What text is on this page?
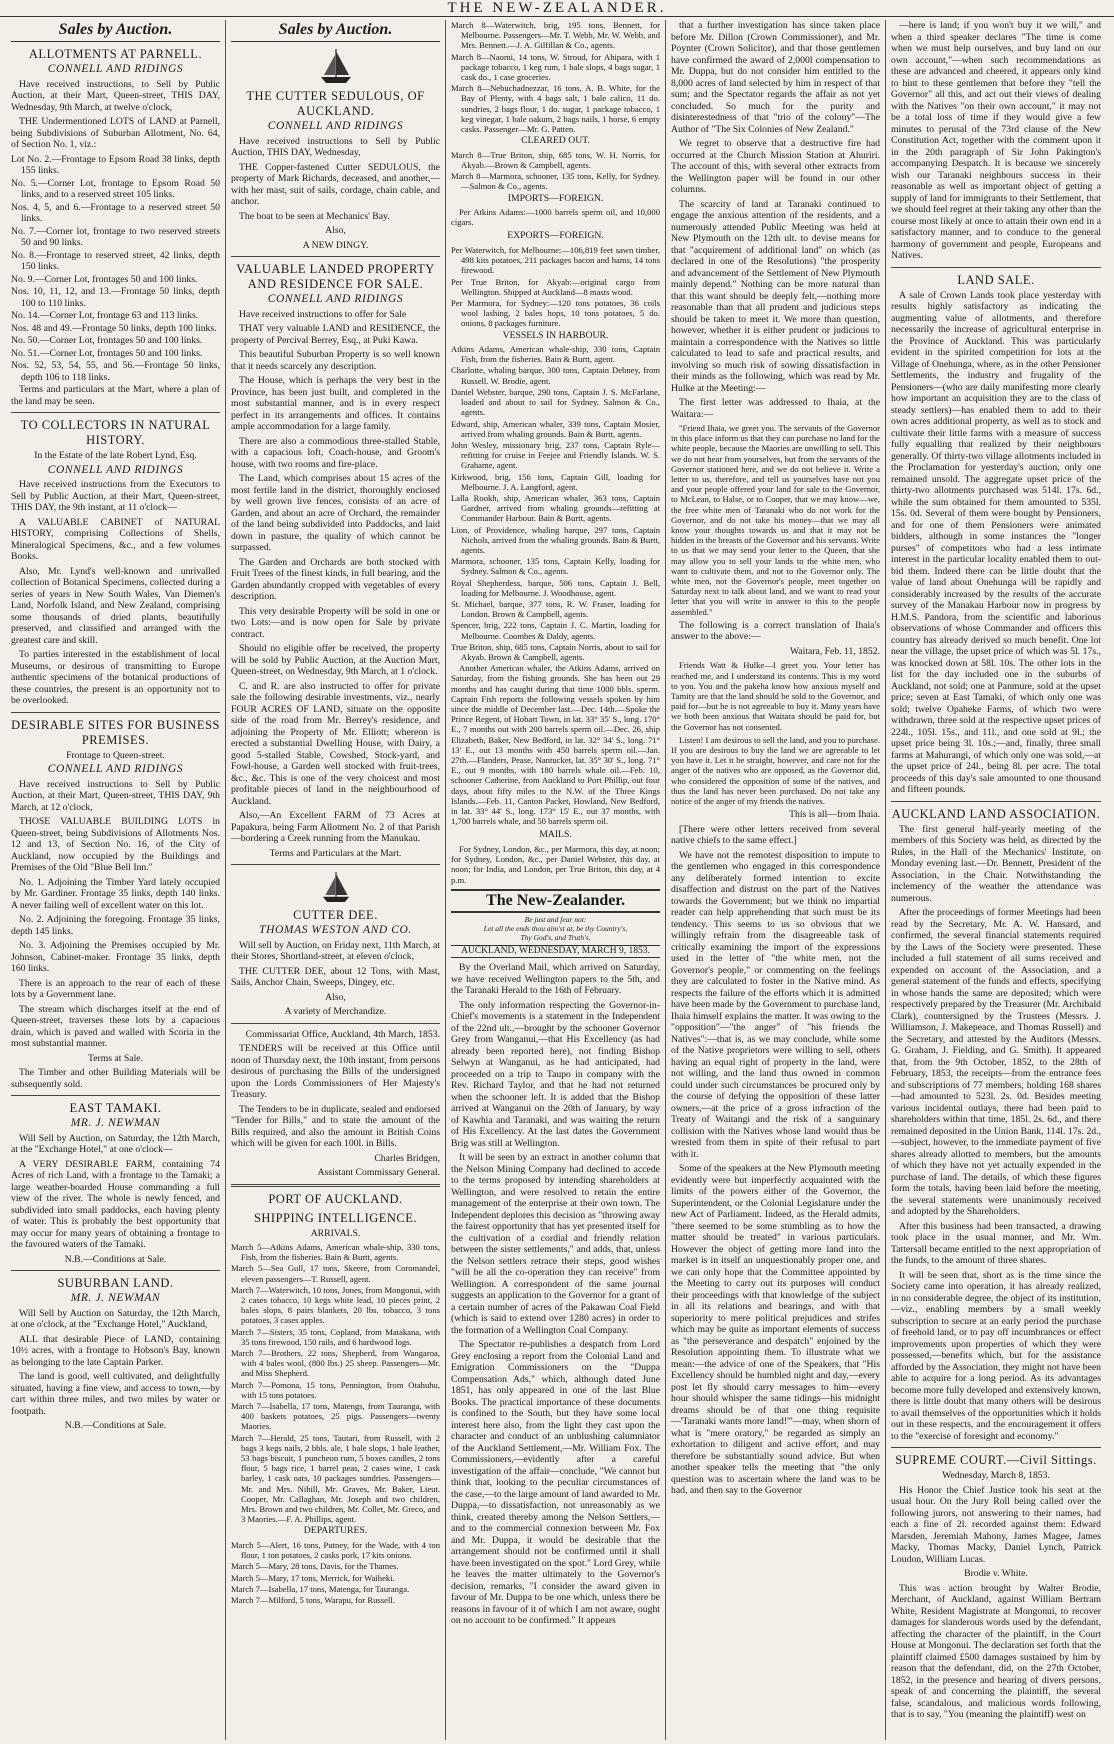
THE NEW-ZEALANDER.
Sales by Auction.
ALLOTMENTS AT PARNELL.
CONNELL AND RIDINGS

Have received instructions, to Sell by Public Auction, at their Mart, Queen-street, THIS DAY, Wednesday, 9th March, at twelve o'clock,

THE Undermentioned LOTS of LAND at Parnell, being Subdivisions of Suburban Allotment, No. 64, of Section No. 1, viz.:

Lot No. 2.—Frontage to Epsom Road 38 links, depth 155 links.

No. 5.—Corner Lot, frontage to Epsom Road 50 links, and to a reserved street 105 links.

Nos. 4, 5, and 6.—Frontage to a reserved street 50 links.

No. 7.—Corner lot, frontage to two reserved streets 50 and 90 links.

No. 8.—Frontage to reserved street, 42 links, depth 150 links.

No. 9.—Corner Lot, frontages 50 and 100 links.

Nos. 10, 11, 12, and 13.—Frontage 50 links, depth 100 to 110 links.

No. 14.—Corner Lot, frontage 63 and 113 links.

Nos. 48 and 49.—Frontage 50 links, depth 100 links.

No. 50.—Corner Lot, frontages 50 and 100 links.

No. 51.—Corner Lot, frontages 50 and 100 links.

Nos. 52, 53, 54, 55, and 56.—Frontage 50 links, depth 106 to 118 links.

Terms and particulars at the Mart, where a plan of the land may be seen.

TO COLLECTORS IN NATURAL HISTORY.

In the Estate of the late Robert Lynd, Esq.

CONNELL AND RIDINGS

Have received instructions from the Executors to Sell by Public Auction, at their Mart, Queen-street, THIS DAY, the 9th instant, at 11 o'clock—

A VALUABLE CABINET of NATURAL HISTORY, comprising Collections of Shells, Mineralogical Specimens, &c., and a few volumes Books.

Also, Mr. Lynd's well-known and unrivalled collection of Botanical Specimens, collected during a series of years in New South Wales, Van Diemen's Land, Norfolk Island, and New Zealand, comprising some thousands of dried plants, beautifully preserved, and classified and arranged with the greatest care and skill.

To parties interested in the establishment of local Museums, or desirous of transmitting to Europe authentic specimens of the botanical productions of these countries, the present is an opportunity not to be overlooked.

DESIRABLE SITES FOR BUSINESS PREMISES.

Frontage to Queen-street.

CONNELL AND RIDINGS

Have received instructions to Sell by Public Auction, at their Mart, Queen-street, THIS DAY, 9th March, at 12 o'clock,

THOSE VALUABLE BUILDING LOTS in Queen-street, being Subdivisions of Allotments Nos. 12 and 13, of Section No. 16, of the City of Auckland, now occupied by the Buildings and Premises of the Old "Blue Bell Inn."

No. 1. Adjoining the Timber Yard lately occupied by Mr. Gardiner. Frontage 35 links, depth 140 links. A never failing well of excellent water on this lot.

No. 2. Adjoining the foregoing. Frontage 35 links, depth 145 links.

No. 3. Adjoining the Premises occupied by Mr. Johnson, Cabinet-maker. Frontage 35 links, depth 160 links.

There is an approach to the rear of each of these lots by a Government lane.

The stream which discharges itself at the end of Queen-street, traverses these lots by a capacious drain, which is paved and walled with Scoria in the most substantial manner.

Terms at Sale.

The Timber and other Building Materials will be subsequently sold.

EAST TAMAKI.
MR. J. NEWMAN

Will Sell by Auction, on Saturday, the 12th March, at the "Exchange Hotel," at one o'clock—

A VERY DESIRABLE FARM, containing 74 Acres of rich Land, with a frontage to the Tamaki; a large weather-boarded House commanding a full view of the river. The whole is newly fenced, and subdivided into small paddocks, each having plenty of water. This is probably the best opportunity that may occur for many years of obtaining a frontage to the favoured waters of the Tamaki.

N.B.—Conditions at Sale.

SUBURBAN LAND.
MR. J. NEWMAN

Will Sell by Auction on Saturday, the 12th March, at one o'clock, at the "Exchange Hotel," Auckland,

ALL that desirable Piece of LAND, containing 10½ acres, with a frontage to Hobson's Bay, known as belonging to the late Captain Parker.

The land is good, well cultivated, and delightfully situated, having a fine view, and access to town,—by cart within three miles, and two miles by water or footpath.

N.B.—Conditions at Sale.

Sales by Auction.
THE CUTTER SEDULOUS, OF AUCKLAND.
CONNELL AND RIDINGS

Have received instructions to Sell by Public Auction, THIS DAY, Wednesday,

THE Copper-fastened Cutter SEDULOUS, the property of Mark Richards, deceased, and another,—with her mast, suit of sails, cordage, chain cable, and anchor.

The boat to be seen at Mechanics' Bay.

Also,

A NEW DINGY.

VALUABLE LANDED PROPERTY AND RESIDENCE FOR SALE.
CONNELL AND RIDINGS

Have received instructions to offer for Sale

THAT very valuable LAND and RESIDENCE, the property of Percival Berrey, Esq., at Puki Kawa.

This beautiful Suburban Property is so well known that it needs scarcely any description.

The House, which is perhaps the very best in the Province, has been just built, and completed in the most substantial manner, and is in every respect perfect in its arrangements and offices. It contains ample accommodation for a large family.

There are also a commodious three-stalled Stable, with a capacious loft, Coach-house, and Groom's house, with two rooms and fire-place.

The Land, which comprises about 15 acres of the most fertile land in the district, thoroughly enclosed by well grown live fences, consists of an acre of Garden, and about an acre of Orchard, the remainder of the land being subdivided into Paddocks, and laid down in pasture, the quality of which cannot be surpassed.

The Garden and Orchards are both stocked with Fruit Trees of the finest kinds, in full bearing, and the Garden abundantly cropped with vegetables of every description.

This very desirable Property will be sold in one or two Lots:—and is now open for Sale by private contract.

Should no eligible offer be received, the property will be sold by Public Auction, at the Auction Mart, Queen-street, on Wednesday, 9th March, at 1 o'clock.

C. and R. are also instructed to offer for private sale the following desirable investments, viz., nearly FOUR ACRES OF LAND, situate on the opposite side of the road from Mr. Berrey's residence, and adjoining the Property of Mr. Elliott; whereon is erected a substantial Dwelling House, with Dairy, a good 5-stalled Stable, Cowshed, Stock-yard, and Fowl-house, a Garden well stocked with fruit-trees, &c., &c. This is one of the very choicest and most profitable pieces of land in the neighbourhood of Auckland.

Also,—An Excellent FARM of 73 Acres at Papakura, being Farm Allotment No. 2 of that Parish—bordering a Creek running from the Manukau.

Terms and Particulars at the Mart.

CUTTER DEE.
THOMAS WESTON AND CO.

Will sell by Auction, on Friday next, 11th March, at their Stores, Shortland-street, at eleven o'clock,

THE CUTTER DEE, about 12 Tons, with Mast, Sails, Anchor Chain, Sweeps, Dingey, etc.

Also,

A variety of Merchandize.

Commissariat Office, Auckland, 4th March, 1853.

TENDERS will be received at this Office until noon of Thursday next, the 10th instant, from persons desirous of purchasing the Bills of the undersigned upon the Lords Commissioners of Her Majesty's Treasury.

The Tenders to be in duplicate, sealed and endorsed "Tender for Bills," and to state the amount of the Bills required, and also the amount in British Coins which will be given for each 100l. in Bills.

Charles Bridgen,

Assistant Commissary General.

PORT OF AUCKLAND.
SHIPPING INTELLIGENCE.

ARRIVALS.

March 5—Atkins Adams, American whale-ship, 330 tons, Fish, from the fisheries. Bain & Burtt, agents.

March 5—Sea Gull, 17 tons, Skeere, from Coromandel, eleven passengers—T. Russell, agent.

March 7—Waterwitch, 10 tons, Jones, from Mongonui, with 2 cases tobacco, 10 kegs white lead, 10 pieces print, 2 bales slops, 8 pairs blankets, 20 lbs. tobacco, 3 tons potatoes, 3 cases apples.

March 7—Sisters, 35 tons, Copland, from Matakana, with 35 tons firewood, 150 rails, and 6 hardwood logs.

March 7—Brothers, 22 tons, Shepherd, from Wangaroa, with 4 bales wool, (800 lbs.) 25 sheep. Passengers—Mr. and Miss Shepherd.

March 7—Pomona, 15 tons, Pennington, from Otahuhu, with 15 tons potatoes.

March 7—Isabella, 17 tons, Matengs, from Tauranga, with 400 baskets potatoes, 25 pigs. Passengers—twenty Maories.

March 7—Herald, 25 tons, Tautari, from Russell, with 2 bags 3 kegs nails, 2 bbls. ale, 1 bale slops, 1 bale leather, 53 bags biscuit, 1 puncheon rum, 5 boxes candles, 2 tons flour, 5 bags rice, 1 barrel peas, 2 cases wine, 1 cask barley, 1 cask oats, 10 packages sundries. Passengers—Mr. and Mrs. Nihill, Mr. Graves, Mr. Baker, Lieut. Cooper, Mr. Callaghan, Mr. Joseph and two children, Mrs. Brown and two children, Mr. Collet, Mr. Greco, and 3 Maories.—F. A. Phillips, agent.

DEPARTURES.

March 5—Alert, 16 tons, Putney, for the Wade, with 4 ton flour, 1 ton potatoes, 2 casks pork, 17 kits onions.

March 5—Mary, 28 tons, Davis, for the Thames.

March 5—Mary, 17 tons, Merrick, for Waiheki.

March 7—Isabella, 17 tons, Matenga, for Tauranga.

March 7—Milford, 5 tons, Warapu, for Russell.

March 8—Waterwitch, brig, 195 tons, Bennett, for Melbourne. Passengers—Mr. T. Webb, Mr. W. Webb, and Mrs. Bennett.—J. A. Gilfillan & Co., agents.

March 8—Naomi, 14 tons, W. Stroud, for Ahipara, with 1 package tobacco, 1 keg rum, 1 bale slops, 4 bags sugar, 1 cask do., 1 case groceries.

March 8—Nebuchadnezzar, 16 tons, A. B. White, for the Bay of Plenty, with 4 bags salt, 1 bale calico, 11 do. sundries, 2 bags flour, 1 do. sugar, 1 package tobacco, 1 keg vinegar, 1 bale oakum, 2 bags nails, 1 horse, 6 empty casks. Passenger—Mr. G. Patten.

CLEARED OUT.

March 8—True Briton, ship, 685 tons, W. H. Norris, for Akyab.—Brown & Campbell, agents.

March 8—Marmora, schooner, 135 tons, Kelly, for Sydney.—Salmon & Co., agents.

IMPORTS—FOREIGN.

Per Atkins Adams:—1000 barrels sperm oil, and 10,000 cigars.

EXPORTS—FOREIGN.

Per Waterwitch, for Melbourne:—106,819 feet sawn timber, 498 kits potatoes, 211 packages bacon and hams, 14 tons firewood.

Per True Briton, for Akyab:—original cargo from Wellington. Shipped at Auckland—8 masts wood.

Per Marmora, for Sydney:—120 tons potatoes, 36 coils wool lashing, 2 bales hops, 10 tons potatoes, 5 do. onions, 8 packages furniture.

VESSELS IN HARBOUR.

Atkins Adams, American whale-ship, 330 tons, Captain Fish, from the fisheries. Bain & Burtt, agent.

Charlotte, whaling barque, 300 tons, Captain Debney, from Russell. W. Brodie, agent.

Daniel Webster, barque, 290 tons, Captain J. S. McFarlane, loaded and about to sail for Sydney. Salmon & Co., agents.

Edward, ship, American whaler, 339 tons, Captain Mosier, arrived from whaling grounds. Bain & Burtt, agents.

John Wesley, missionary brig, 237 tons, Captain Ryle—refitting for cruise in Feejee and Friendly Islands. W. S. Grahame, agent.

Kirkwood, brig, 156 tons, Captain Gill, loading for Melbourne. J. A. Langford, agent.

Lalla Rookh, ship, American whaler, 363 tons, Captain Gardner, arrived from whaling grounds—refitting at Commander Harbour. Bain & Burtt, agents.

Lion, of Providence, whaling barque, 297 tons, Captain Nichols, arrived from the whaling grounds. Bain & Burtt, agents.

Marmora, schooner, 135 tons, Captain Kelly, loading for Sydney. Salmon & Co., agents.

Royal Shepherdess, barque, 506 tons, Captain J. Bell, loading for Melbourne. J. Woodhouse, agent.

St. Michael, barque, 377 tons, R. W. Fraser, loading for London. Brown & Campbell, agents.

Spencer, brig, 222 tons, Captain J. C. Martin, loading for Melbourne. Coombes & Daldy, agents.

True Briton, ship, 685 tons, Captain Norris, about to sail for Akyab. Brown & Campbell, agents.

Another American whaler, the Atkins Adams, arrived on Saturday, from the fishing grounds. She has been out 29 months and has caught during that time 1000 bbls. sperm. Captain Fish reports the following vessels spoken by him since the middle of December last.—Dec. 14th.—Spoke the Prince Regent, of Hobart Town, in lat. 33° 35' S., long. 170° E., 7 months out with 200 barrels sperm oil.—Dec. 26, ship Elizabeth, Baker, New Bedford, in lat. 32° 34' S., long. 71° 13' E., out 13 months with 450 barrels sperm oil.—Jan. 27th.—Flanders, Pease, Nantucket, lat. 35° 30' S., long. 71° E., out 9 months, with 180 barrels whale oil.—Feb. 10, schooner Catherine, from Auckland to Port Phillip, out four days, about fifty miles to the N.W. of the Three Kings Islands.—Feb. 11, Canton Packet, Howland, New Bedford, in lat. 33° 44' S., long. 173° 15' E., out 37 months, with 1,700 barrels whale, and 50 barrels sperm oil.

MAILS.

For Sydney, London, &c., per Marmora, this day, at noon; for Sydney, London, &c., per Daniel Webster, this day, at noon; for India, and London, per True Briton, this day, at 4 p.m.

The New-Zealander.
Be just and fear not:
Let all the ends thou aim'st at, be thy Country's,
Thy God's, and Truth's.
AUCKLAND, WEDNESDAY, MARCH 9, 1853.

By the Overland Mail, which arrived on Saturday, we have received Wellington papers to the 5th, and the Taranaki Herald to the 16th of February.

The only information respecting the Governor-in-Chief's movements is a statement in the Independent of the 22nd ult.,—brought by the schooner Governor Grey from Wanganui,—that His Excellency (as had already been reported here), not finding Bishop Selwyn at Wanganui, as he had anticipated, had proceeded on a trip to Taupo in company with the Rev. Richard Taylor, and that he had not returned when the schooner left. It is added that the Bishop arrived at Wanganui on the 20th of January, by way of Kawhia and Taranaki, and was waiting the return of His Excellency. At the last dates the Government Brig was still at Wellington.

It will be seen by an extract in another column that the Nelson Mining Company had declined to accede to the terms proposed by intending shareholders at Wellington, and were resolved to retain the entire management of the enterprise at their own town. The Independent deplores this decision as "throwing away the fairest opportunity that has yet presented itself for the cultivation of a cordial and friendly relation between the sister settlements," and adds, that, unless the Nelson settlers retrace their steps, good wishes "will be all the co-operation they can receive" from Wellington. A correspondent of the same journal suggests an application to the Governor for a grant of a certain number of acres of the Pakawau Coal Field (which is said to extend over 1280 acres) in order to the formation of a Wellington Coal Company.

The Spectator re-publishes a despatch from Lord Grey enclosing a report from the Colonial Land and Emigration Commissioners on the "Duppa Compensation Ads," which, although dated June 1851, has only appeared in one of the last Blue Books. The practical importance of these documents is confined to the South, but they have some local interest here also, from the light they cast upon the character and conduct of an unblushing calumniator of the Auckland Settlement,—Mr. William Fox. The Commissioners,—evidently after a careful investigation of the affair—conclude, "We cannot but think that, looking to the peculiar circumstances of the case,—to the large amount of land awarded to Mr. Duppa,—to dissatisfaction, not unreasonably as we think, created thereby among the Nelson Settlers,—and to the commercial connexion between Mr. Fox and Mr. Duppa, it would be desirable that the arrangement should not be confirmed until it shall have been investigated on the spot." Lord Grey, while he leaves the matter ultimately to the Governor's decision, remarks, "I consider the award given in favour of Mr. Duppa to be one which, unless there be reasons in favour of it of which I am not aware, ought on no account to be confirmed." It appears

that a further investigation has since taken place before Mr. Dillon (Crown Commissioner), and Mr. Poynter (Crown Solicitor), and that those gentlemen have confirmed the award of 2,000l compensation to Mr. Duppa, but do not consider him entitled to the 8,000 acres of land selected by him in respect of that sum; and the Spectator regards the affair as not yet concluded. So much for the purity and disinterestedness of that "trio of the colony"—The Author of "The Six Colonies of New Zealand."

We regret to observe that a destructive fire had occurred at the Church Mission Station at Ahuriri. The account of this, with several other extracts from the Wellington paper will be found in our other columns.

The scarcity of land at Taranaki continued to engage the anxious attention of the residents, and a numerously attended Public Meeting was held at New Plymouth on the 12th ult. to devise means for that "acquirement of additional land" on which (as declared in one of the Resolutions) "the prosperity and advancement of the Settlement of New Plymouth mainly depend." Nothing can be more natural than that this want should be deeply felt,—nothing more reasonable than that all prudent and judicious steps should be taken to meet it. We more than question, however, whether it is either prudent or judicious to maintain a correspondence with the Natives so little calculated to lead to safe and practical results, and involving so much risk of sowing dissatisfaction in their minds as the following, which was read by Mr. Hulke at the Meeting:—

The first letter was addressed to Ihaia, at the Waitara:—

"Friend Ihaia, we greet you. The servants of the Governor in this place inform us that they can purchase no land for the white people, because the Maories are unwilling to sell. This we do not hear from yourselves, but from the servants of the Governor stationed here, and we do not believe it. Write a letter to us, therefore, and tell us yourselves have not you and your people offered your land for sale to the Governor, to McLean, to Halse, or to Cooper, that we may know—we, the free white men of Taranaki who do not work for the Governor, and do not take his money—that we may all know your thoughts towards us and that it may not be hidden in the breasts of the Governor and his servants. Write to us that we may send your letter to the Queen, that she may allow you to sell your lands to the white men, who want to cultivate them, and not to the Governor only. The white men, not the Governor's people, meet together on Saturday next to talk about land, and we want to read your letter that you will write in answer to this to the people assembled."

The following is a correct translation of Ihaia's answer to the above:—

Waitara, Feb. 11, 1852.

Friends Watt & Hulke—I greet you. Your letter has reached me, and I understand its contents. This is my word to you. You and the pakeha know how anxious myself and Tamity are that the land should be sold to the Governor, and paid for—but he is not agreeable to buy it. Many years have we both been anxious that Waitara should be paid for, but the Governor has not consented.

Listen! I am desirous to sell the land, and you to purchase. If you are desirous to buy the land we are agreeable to let you have it. Let it be straight, however, and care not for the anger of the natives who are opposed, as the Governor did, who considered the opposition of some of the natives, and thus the land has never been purchased. Do not take any notice of the anger of my friends the natives.

This is all—from Ihaia.

[There were other letters received from several native chiefs to the same effect.]

We have not the remotest disposition to impute to the gentlemen who engaged in this correspondence any deliberately formed intention to excite disaffection and distrust on the part of the Natives towards the Government; but we think no impartial reader can help apprehending that such must be its tendency. This seems to us so obvious that we willingly refrain from the disagreeable task of critically examining the import of the expressions used in the letter of "the white men, not the Governor's people," or commenting on the feelings they are calculated to foster in the Native mind. As respects the failure of the efforts which it is admitted have been made by the Government to purchase land, Ihaia himself explains the matter. It was owing to the "opposition"—"the anger" of "his friends the Natives":—that is, as we may conclude, while some of the Native proprietors were willing to sell, others having an equal right of property in the land, were not willing, and the land thus owned in common could under such circumstances be procured only by the course of defying the opposition of these latter owners,—at the price of a gross infraction of the Treaty of Waitangi and the risk of a sanguinary collision with the Natives whose land would thus be wrested from them in spite of their refusal to part with it.

Some of the speakers at the New Plymouth meeting evidently were but imperfectly acquainted with the limits of the powers either of the Governor, the Superintendent, or the Colonial Legislature under the new Act of Parliament. Indeed, as the Herald admits, "there seemed to be some stumbling as to how the matter should be treated" in various particulars. However the object of getting more land into the market is in itself an unquestionably proper one, and we can only hope that the Committee appointed by the Meeting to carry out its purposes will conduct their proceedings with that knowledge of the subject in all its relations and bearings, and with that superiority to mere political prejudices and strifes which may be quite as important elements of success as "the perseverance and despatch" enjoined by the Resolution appointing them. To illustrate what we mean:—the advice of one of the Speakers, that "His Excellency should be humbled night and day,—every post let fly should carry messages to him—every hour should whisper the same tidings—his midnight dreams should be of that one thing requisite—'Taranaki wants more land!'"—may, when shorn of what is "mere oratory," be regarded as simply an exhortation to diligent and active effort, and may therefore be substantially sound advice. But when another speaker tells the meeting that "the only question was to ascertain where the land was to be had, and then say to the Governor

—here is land; if you won't buy it we will," and when a third speaker declares "The time is come when we must help ourselves, and buy land on our own account,"—when such recommendations as these are advanced and cheered, it appears only kind to hint to these gentlemen that before they "tell the Governor" all this, and act out their views of dealing with the Natives "on their own account," it may not be a total loss of time if they would give a few minutes to perusal of the 73rd clause of the New Constitution Act, together with the comment upon it in the 20th paragraph of Sir John Pakington's accompanying Despatch. It is because we sincerely wish our Taranaki neighbours success in their reasonable as well as important object of getting a supply of land for immigrants to their Settlement, that we should feel regret at their taking any other than the course most likely at once to attain their own end in a satisfactory manner, and to conduce to the general harmony of government and people, Europeans and Natives.

LAND SALE.

A sale of Crown Lands took place yesterday with results highly satisfactory as indicating the augmenting value of allotments, and therefore necessarily the increase of agricultural enterprise in the Province of Auckland. This was particularly evident in the spirited competition for lots at the Village of Onehunga, where, as in the other Pensioner Settlements, the industry and frugality of the Pensioners—(who are daily manifesting more clearly how important an acquisition they are to the class of steady settlers)—has enabled them to add to their own acres additional property, as well as to stock and cultivate their little farms with a measure of success fully equalling that realized by their neighbours generally. Of thirty-two village allotments included in the Proclamation for yesterday's auction, only one remained unsold. The aggregate upset price of the thirty-two allotments purchased was 514l. 17s. 6d., while the sum obtained for them amounted to 535l. 15s. 0d. Several of them were bought by Pensioners, and for one of them Pensioners were animated bidders, although in some instances the "longer purses" of competitors who had a less intimate interest in the particular locality enabled them to out-bid them. Indeed there can be little doubt that the value of land about Onehunga will be rapidly and considerably increased by the results of the accurate survey of the Manakau Harbour now in progress by H.M.S. Pandora, from the scientific and laborious observations of whose Commander and officers this country has already derived so much benefit. One lot near the village, the upset price of which was 5l. 17s., was knocked down at 58l. 10s. The other lots in the list for the day included one in the suburbs of Auckland, not sold; one at Panmure, sold at the upset price; seven at East Tamaki, of which only one was sold; twelve Opaheke Farms, of which two were withdrawn, three sold at the respective upset prices of 224l., 105l. 15s., and 11l., and one sold at 9l.; the upset price being 3l. 10s.;—and, finally, three small farms at Mahurangi, of which only one was sold,—at the upset price of 24l., being 8l. per acre. The total proceeds of this day's sale amounted to one thousand and fifteen pounds.

AUCKLAND LAND ASSOCIATION.

The first general half-yearly meeting of the members of this Society was held, as directed by the Rules, in the Hall of the Mechanics' Institute, on Monday evening last.—Dr. Bennett, President of the Association, in the Chair. Notwithstanding the inclemency of the weather the attendance was numerous.

After the proceedings of former Meetings had been read by the Secretary, Mr. A. W. Hansard, and confirmed, the several financial statements required by the Laws of the Society were presented. These included a full statement of all sums received and expended on account of the Association, and a general statement of the funds and effects, specifying in whose hands the same are deposited; which were respectively prepared by the Treasurer (Mr. Archibald Clark), countersigned by the Trustees (Messrs. J. Williamson, J. Makepeace, and Thomas Russell) and the Secretary, and attested by the Auditors (Messrs. G. Graham, J. Fielding, and G. Smith). It appeared that, from the 9th October, 1852, to the 28th of February, 1853, the receipts—from the entrance fees and subscriptions of 77 members, holding 168 shares—had amounted to 523l. 2s. 0d. Besides meeting various incidental outlays, there had been paid to shareholders within that time, 185l. 2s. 6d., and there remained deposited in the Union Bank, 114l. 17s. 2d.,—subject, however, to the immediate payment of five shares already allotted to members, but the amounts of which they have not yet actually expended in the purchase of land. The details, of which these figures form the totals, having been laid before the meeting, the several statements were unanimously received and adopted by the Shareholders.

After this business had been transacted, a drawing took place in the usual manner, and Mr. Wm. Tattersall became entitled to the next appropriation of the funds, to the amount of three shares.

It will be seen that, short as is the time since the Society came into operation, it has already realized, in no considerable degree, the object of its institution,—viz., enabling members by a small weekly subscription to secure at an early period the purchase of freehold land, or to pay off incumbrances or effect improvements upon properties of which they were possessed,—benefits which, but for the assistance afforded by the Association, they might not have been able to acquire for a long period. As its advantages become more fully developed and extensively known, there is little doubt that many others will be desirous to avail themselves of the opportunities which it holds out in these respects, and the encouragement it offers to the "exercise of foresight and economy."

SUPREME COURT.—Civil Sittings.

Wednesday, March 8, 1853.

His Honor the Chief Justice took his seat at the usual hour. On the Jury Roll being called over the following jurors, not answering to their names, had each a fine of 2l. recorded against them: Edward Marsden, Jeremiah Mahony, James Magee, James Macky, Thomas Macky, Daniel Lynch, Patrick Loudon, William Lucas.

Brodie v. White.

This was action brought by Walter Brodie, Merchant, of Auckland, against William Bertram White, Resident Magistrate at Mongonui, to recover damages for slanderous words used by the defendant, affecting the character of the plaintiff, in the Court House at Mongonui. The declaration set forth that the plaintiff claimed £500 damages sustained by him by reason that the defendant, did, on the 27th October, 1852, in the presence and hearing of divers persons, speak of and concerning the plaintiff, the several false, scandalous, and malicious words following, that is to say, "You (meaning the plaintiff) west on
